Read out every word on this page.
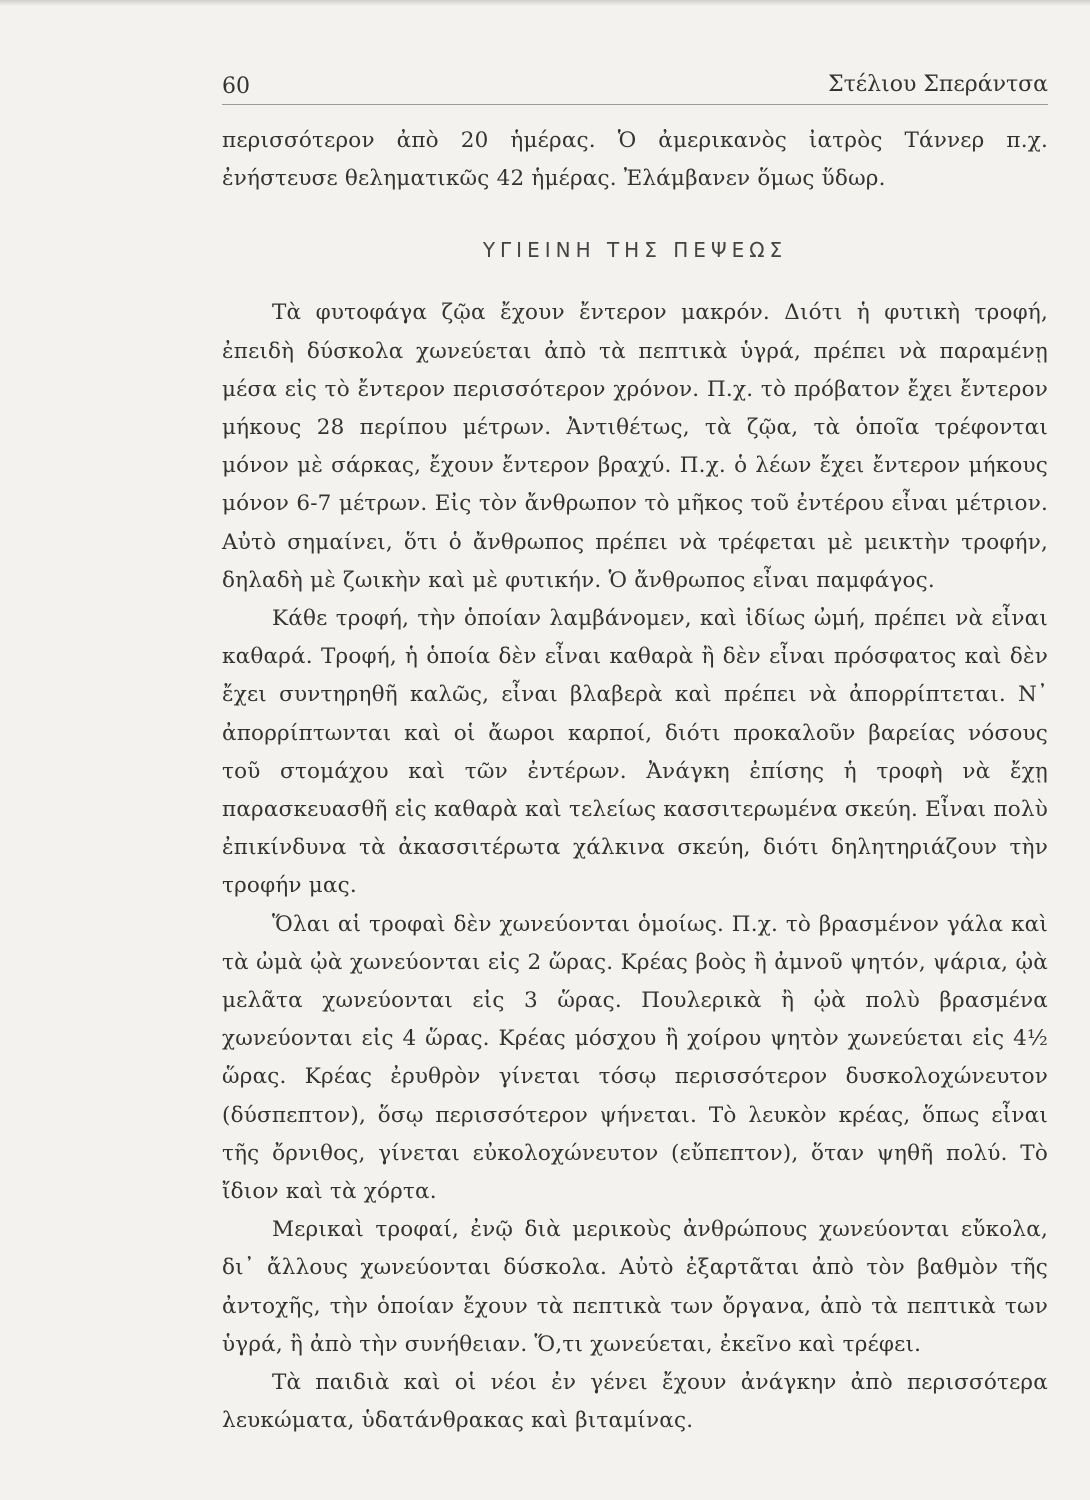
60	Στέλιου Σπεράντσα

περισσότερον ἀπὸ 20 ἡμέρας. Ὁ ἀμερικανὸς ἰατρὸς Τάννερ π.χ. ἐνήστευσε θεληματικῶς 42 ἡμέρας. Ἐλάμβανεν ὅμως ὕδωρ.

ΥΓΙΕΙΝΗ ΤΗΣ ΠΕΨΕΩΣ

Τὰ φυτοφάγα ζῷα ἔχουν ἔντερον μακρόν. Διότι ἡ φυτικὴ τροφή, ἐπειδὴ δύσκολα χωνεύεται ἀπὸ τὰ πεπτικὰ ὑγρά, πρέπει νὰ παραμένῃ μέσα εἰς τὸ ἔντερον περισσότερον χρόνον. Π.χ. τὸ πρόβατον ἔχει ἔντερον μήκους 28 περίπου μέτρων. Ἀντιθέτως, τὰ ζῷα, τὰ ὁποῖα τρέφονται μόνον μὲ σάρκας, ἔχουν ἔντερον βραχύ. Π.χ. ὁ λέων ἔχει ἔντερον μήκους μόνον 6-7 μέτρων. Εἰς τὸν ἄνθρωπον τὸ μῆκος τοῦ ἐντέρου εἶναι μέτριον. Αὐτὸ σημαίνει, ὅτι ὁ ἄνθρωπος πρέπει νὰ τρέφεται μὲ μεικτὴν τροφήν, δηλαδὴ μὲ ζωικὴν καὶ μὲ φυτικήν. Ὁ ἄνθρωπος εἶναι παμφάγος.

Κάθε τροφή, τὴν ὁποίαν λαμβάνομεν, καὶ ἰδίως ὠμή, πρέπει νὰ εἶναι καθαρά. Τροφή, ἡ ὁποία δὲν εἶναι καθαρὰ ἢ δὲν εἶναι πρόσφατος καὶ δὲν ἔχει συντηρηθῆ καλῶς, εἶναι βλαβερὰ καὶ πρέπει νὰ ἀπορρίπτεται. Ν᾿ ἀπορρίπτωνται καὶ οἱ ἄωροι καρποί, διότι προκαλοῦν βαρείας νόσους τοῦ στομάχου καὶ τῶν ἐντέρων. Ἀνάγκη ἐπίσης ἡ τροφὴ νὰ ἔχῃ παρασκευασθῆ εἰς καθαρὰ καὶ τελείως κασσιτερωμένα σκεύη. Εἶναι πολὺ ἐπικίνδυνα τὰ ἀκασσιτέρωτα χάλκινα σκεύη, διότι δηλητηριάζουν τὴν τροφήν μας.

Ὅλαι αἱ τροφαὶ δὲν χωνεύονται ὁμοίως. Π.χ. τὸ βρασμένον γάλα καὶ τὰ ὠμὰ ᾠὰ χωνεύονται εἰς 2 ὥρας. Κρέας βοὸς ἢ ἀμνοῦ ψητόν, ψάρια, ᾠὰ μελᾶτα χωνεύονται εἰς 3 ὥρας. Πουλερικὰ ἢ ᾠὰ πολὺ βρασμένα χωνεύονται εἰς 4 ὥρας. Κρέας μόσχου ἢ χοίρου ψητὸν χωνεύεται εἰς 4½ ὥρας. Κρέας ἐρυθρὸν γίνεται τόσῳ περισσότερον δυσκολοχώνευτον (δύσπεπτον), ὅσῳ περισσότερον ψήνεται. Τὸ λευκὸν κρέας, ὅπως εἶναι τῆς ὄρνιθος, γίνεται εὐκολοχώνευτον (εὔπεπτον), ὅταν ψηθῆ πολύ. Τὸ ἴδιον καὶ τὰ χόρτα.

Μερικαὶ τροφαί, ἐνῷ διὰ μερικοὺς ἀνθρώπους χωνεύονται εὔκολα, δι᾿ ἄλλους χωνεύονται δύσκολα. Αὐτὸ ἐξαρτᾶται ἀπὸ τὸν βαθμὸν τῆς ἀντοχῆς, τὴν ὁποίαν ἔχουν τὰ πεπτικὰ των ὄργανα, ἀπὸ τὰ πεπτικὰ των ὑγρά, ἢ ἀπὸ τὴν συνήθειαν. Ὅ,τι χωνεύεται, ἐκεῖνο καὶ τρέφει.

Τὰ παιδιὰ καὶ οἱ νέοι ἐν γένει ἔχουν ἀνάγκην ἀπὸ περισσότερα λευκώματα, ὑδατάνθρακας καὶ βιταμίνας.
